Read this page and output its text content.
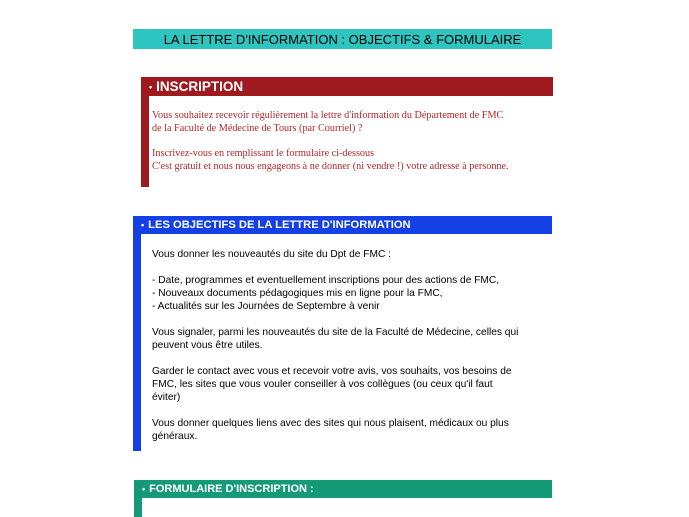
LA LETTRE D'INFORMATION : OBJECTIFS & FORMULAIRE
• INSCRIPTION
Vous souhaitez recevoir régulièrement la lettre d'information du Département de FMC
de la Faculté de Médecine de Tours (par Courriel) ?
Inscrivez-vous en remplissant le formulaire ci-dessous
C'est gratuit et nous nous engageons à ne donner (ni vendre !) votre adresse à personne.
• LES OBJECTIFS DE LA LETTRE D'INFORMATION
Vous donner les nouveautés du site du Dpt de FMC :
- Date, programmes et eventuellement inscriptions pour des actions de FMC,
- Nouveaux documents pédagogiques mis en ligne pour la FMC,
- Actualités sur les Journées de Septembre à venir
Vous signaler, parmi les nouveautés du site de la Faculté de Médecine, celles qui
peuvent vous être utiles.
Garder le contact avec vous et recevoir votre avis, vos souhaits, vos besoins de
FMC, les sites que vous vouler conseiller à vos collègues (ou ceux qu'il faut
éviter)
Vous donner quelques liens avec des sites qui nous plaisent, médicaux ou plus
généraux.
• FORMULAIRE D'INSCRIPTION :
